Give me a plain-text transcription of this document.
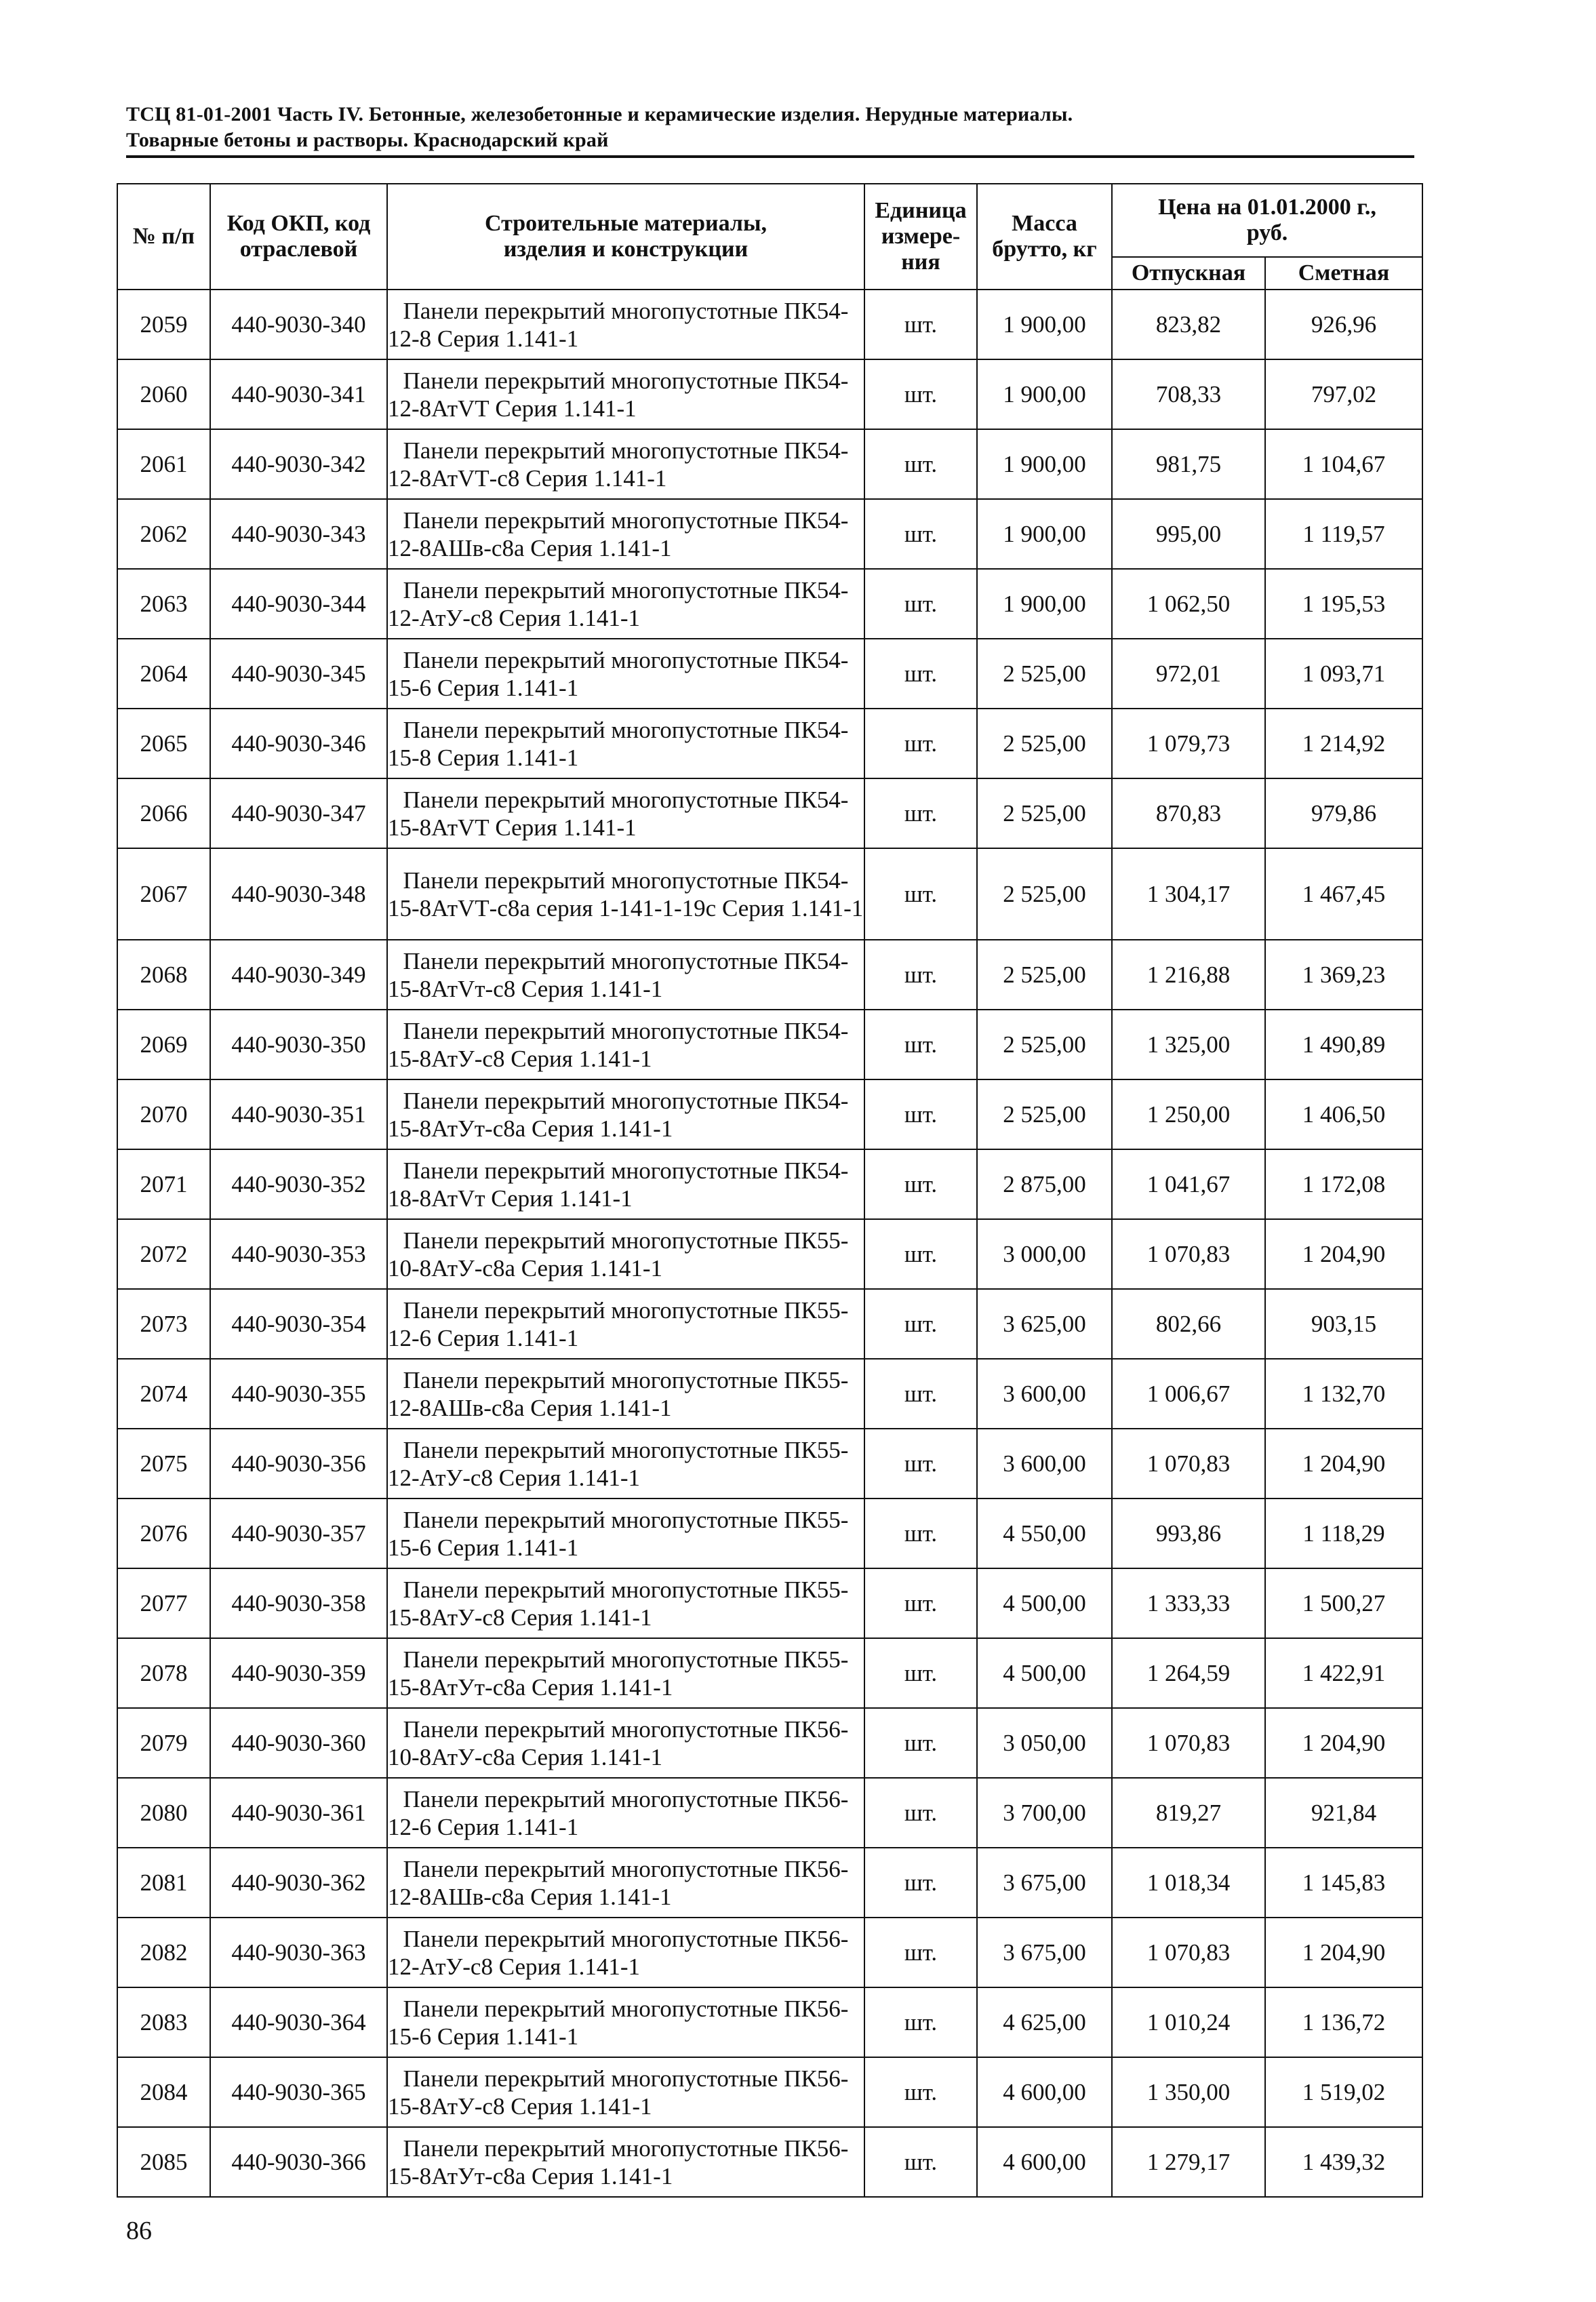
ТСЦ 81-01-2001 Часть IV. Бетонные, железобетонные и керамические изделия. Нерудные материалы.
Товарные бетоны и растворы. Краснодарский край
№ п/п	Код ОКП, код отраслевой	Строительные материалы, изделия и конструкции	Единица измере-ния	Масса брутто, кг	Цена на 01.01.2000 г., руб.	
					Отпускная	Сметная
2059	440-9030-340	Панели перекрытий многопустотные ПК54-12-8 Серия 1.141-1	шт.	1 900,00	823,82	926,96
2060	440-9030-341	Панели перекрытий многопустотные ПК54-12-8АтVТ Серия 1.141-1	шт.	1 900,00	708,33	797,02
2061	440-9030-342	Панели перекрытий многопустотные ПК54-12-8АтVТ-с8 Серия 1.141-1	шт.	1 900,00	981,75	1 104,67
2062	440-9030-343	Панели перекрытий многопустотные ПК54-12-8АШв-с8а Серия 1.141-1	шт.	1 900,00	995,00	1 119,57
2063	440-9030-344	Панели перекрытий многопустотные ПК54-12-АтУ-с8 Серия 1.141-1	шт.	1 900,00	1 062,50	1 195,53
2064	440-9030-345	Панели перекрытий многопустотные ПК54-15-6 Серия 1.141-1	шт.	2 525,00	972,01	1 093,71
2065	440-9030-346	Панели перекрытий многопустотные ПК54-15-8 Серия 1.141-1	шт.	2 525,00	1 079,73	1 214,92
2066	440-9030-347	Панели перекрытий многопустотные ПК54-15-8АтVТ Серия 1.141-1	шт.	2 525,00	870,83	979,86
2067	440-9030-348	Панели перекрытий многопустотные ПК54-15-8АтVТ-с8а серия 1-141-1-19с Серия 1.141-1	шт.	2 525,00	1 304,17	1 467,45
2068	440-9030-349	Панели перекрытий многопустотные ПК54-15-8АтVт-с8 Серия 1.141-1	шт.	2 525,00	1 216,88	1 369,23
2069	440-9030-350	Панели перекрытий многопустотные ПК54-15-8АтУ-с8 Серия 1.141-1	шт.	2 525,00	1 325,00	1 490,89
2070	440-9030-351	Панели перекрытий многопустотные ПК54-15-8АтУт-с8а Серия 1.141-1	шт.	2 525,00	1 250,00	1 406,50
2071	440-9030-352	Панели перекрытий многопустотные ПК54-18-8АтVт Серия 1.141-1	шт.	2 875,00	1 041,67	1 172,08
2072	440-9030-353	Панели перекрытий многопустотные ПК55-10-8АтУ-с8а Серия 1.141-1	шт.	3 000,00	1 070,83	1 204,90
2073	440-9030-354	Панели перекрытий многопустотные ПК55-12-6 Серия 1.141-1	шт.	3 625,00	802,66	903,15
2074	440-9030-355	Панели перекрытий многопустотные ПК55-12-8АШв-с8а Серия 1.141-1	шт.	3 600,00	1 006,67	1 132,70
2075	440-9030-356	Панели перекрытий многопустотные ПК55-12-АтУ-с8 Серия 1.141-1	шт.	3 600,00	1 070,83	1 204,90
2076	440-9030-357	Панели перекрытий многопустотные ПК55-15-6 Серия 1.141-1	шт.	4 550,00	993,86	1 118,29
2077	440-9030-358	Панели перекрытий многопустотные ПК55-15-8АтУ-с8 Серия 1.141-1	шт.	4 500,00	1 333,33	1 500,27
2078	440-9030-359	Панели перекрытий многопустотные ПК55-15-8АтУт-с8а Серия 1.141-1	шт.	4 500,00	1 264,59	1 422,91
2079	440-9030-360	Панели перекрытий многопустотные ПК56-10-8АтУ-с8а Серия 1.141-1	шт.	3 050,00	1 070,83	1 204,90
2080	440-9030-361	Панели перекрытий многопустотные ПК56-12-6 Серия 1.141-1	шт.	3 700,00	819,27	921,84
2081	440-9030-362	Панели перекрытий многопустотные ПК56-12-8АШв-с8а Серия 1.141-1	шт.	3 675,00	1 018,34	1 145,83
2082	440-9030-363	Панели перекрытий многопустотные ПК56-12-АтУ-с8 Серия 1.141-1	шт.	3 675,00	1 070,83	1 204,90
2083	440-9030-364	Панели перекрытий многопустотные ПК56-15-6 Серия 1.141-1	шт.	4 625,00	1 010,24	1 136,72
2084	440-9030-365	Панели перекрытий многопустотные ПК56-15-8АтУ-с8 Серия 1.141-1	шт.	4 600,00	1 350,00	1 519,02
2085	440-9030-366	Панели перекрытий многопустотные ПК56-15-8АтУт-с8а Серия 1.141-1	шт.	4 600,00	1 279,17	1 439,32
86
